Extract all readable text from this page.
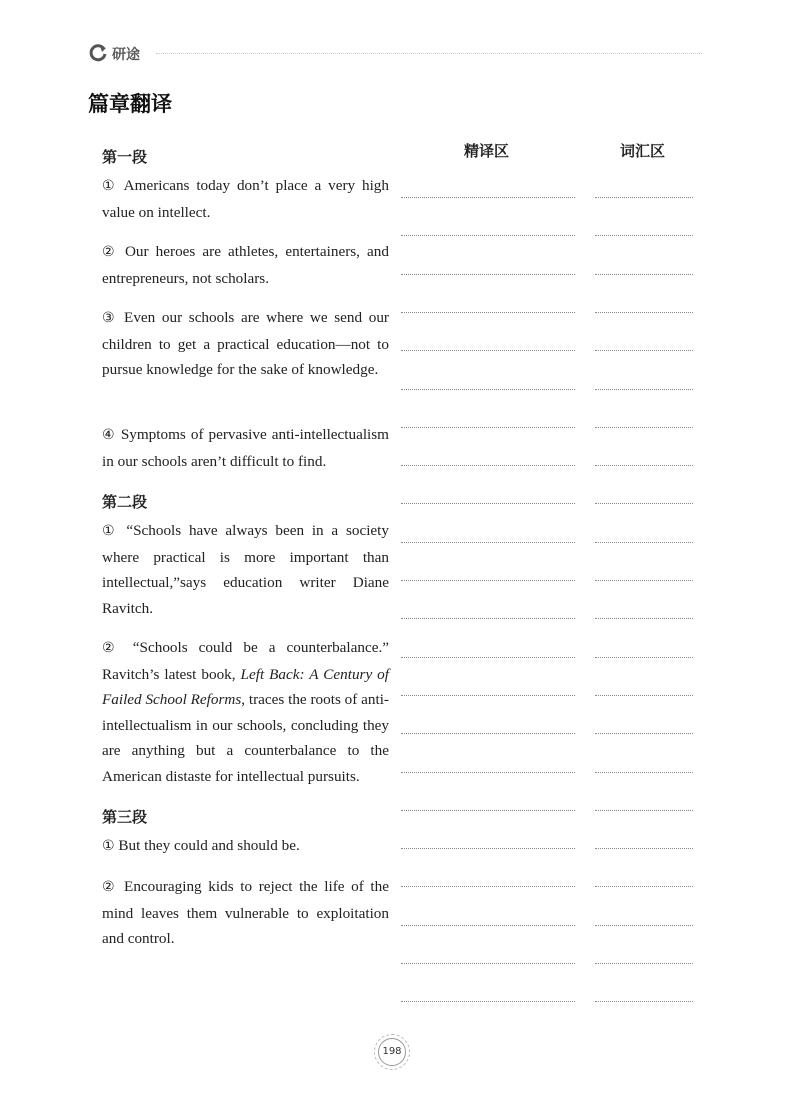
研途
篇章翻译
精译区	词汇区
第一段
① Americans today don’t place a very high value on intellect.
② Our heroes are athletes, entertainers, and entrepreneurs, not scholars.
③ Even our schools are where we send our children to get a practical education—not to pursue knowledge for the sake of knowledge.
④ Symptoms of pervasive anti-intellectualism in our schools aren’t difficult to find.
第二段
① “Schools have always been in a society where practical is more important than intellectual,”says education writer Diane Ravitch.
② “Schools could be a counterbalance.” Ravitch’s latest book, Left Back: A Century of Failed School Reforms, traces the roots of anti-intellectualism in our schools, concluding they are anything but a counterbalance to the American distaste for intellectual pursuits.
第三段
① But they could and should be.
② Encouraging kids to reject the life of the mind leaves them vulnerable to exploitation and control.
198
